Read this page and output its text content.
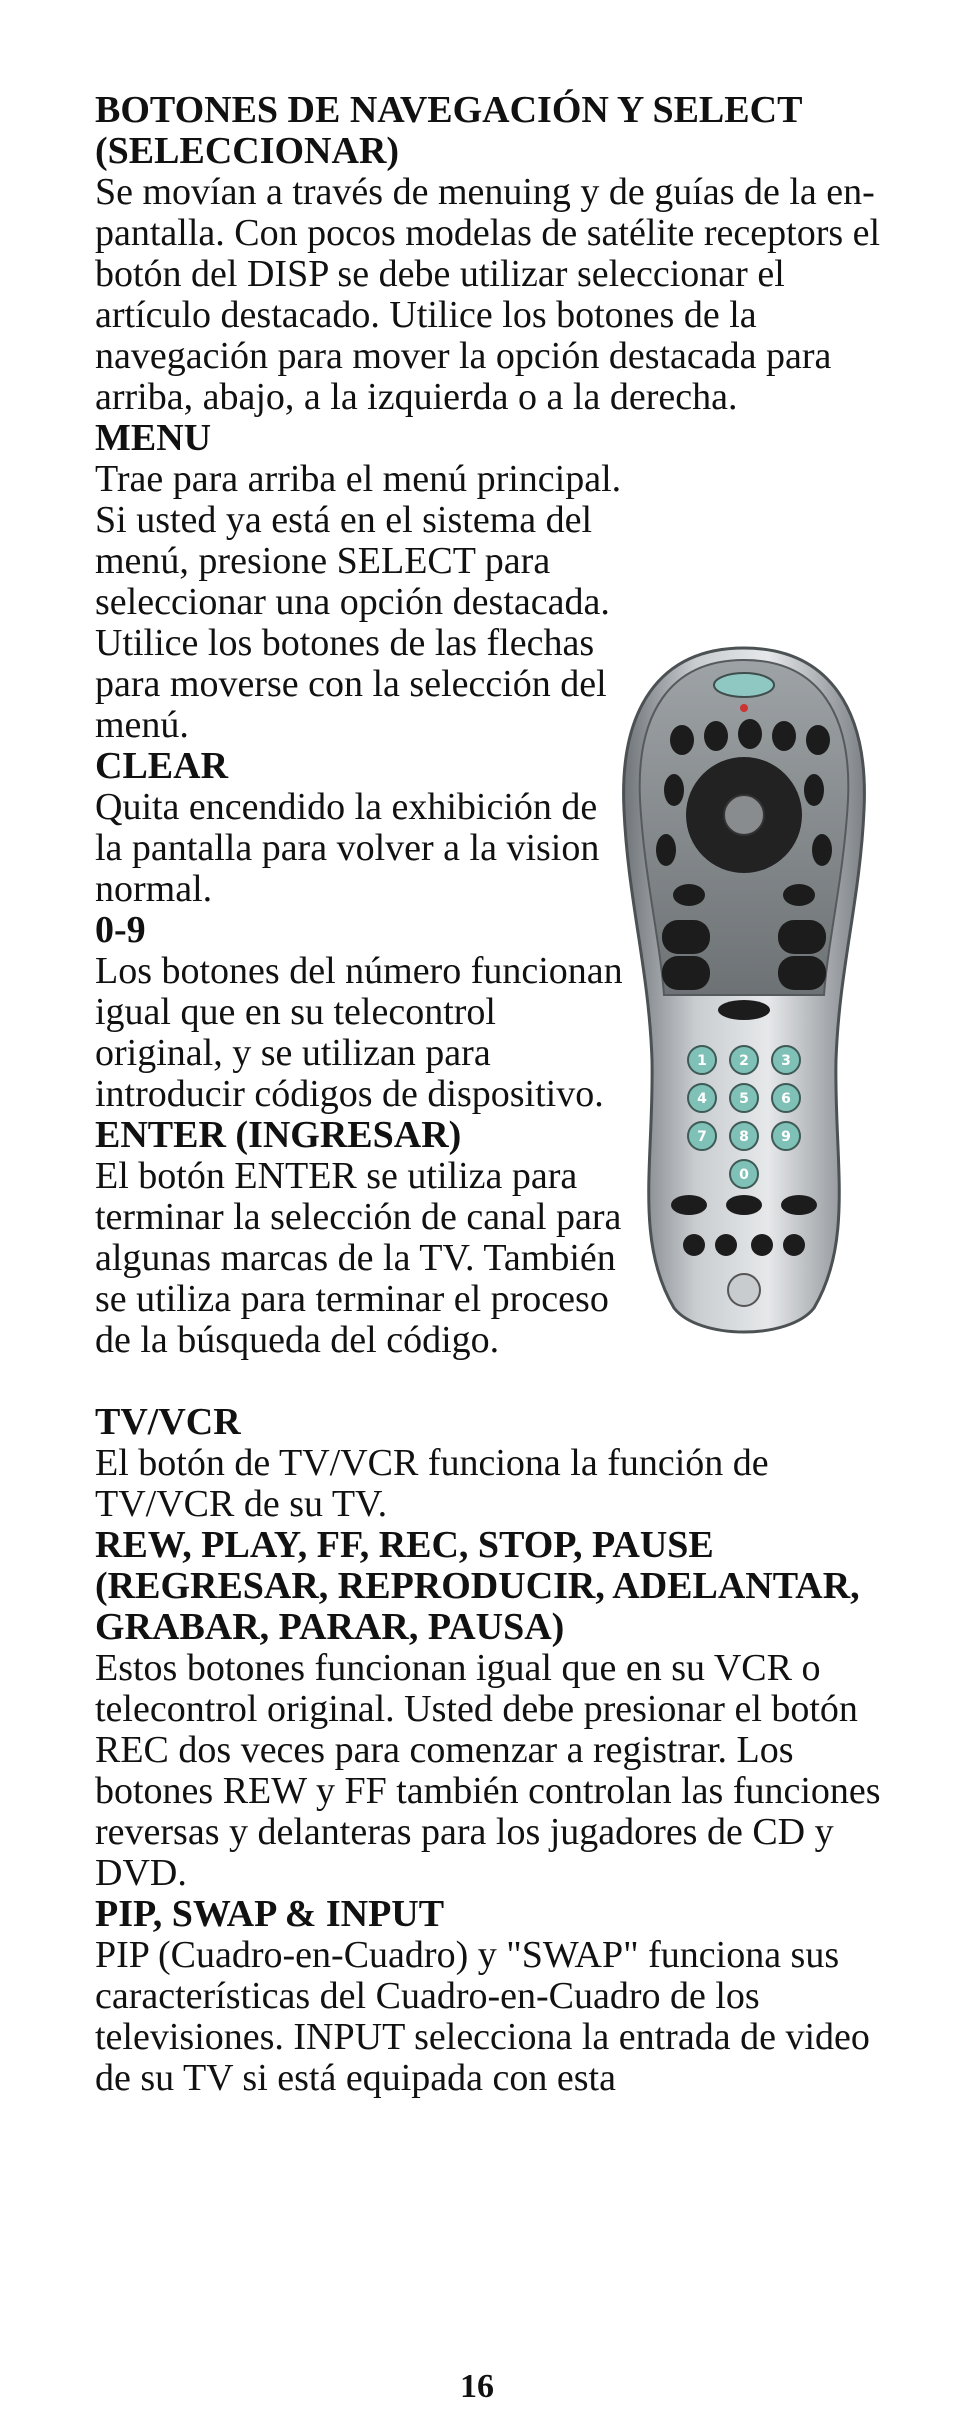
BOTONES DE NAVEGACIÓN Y SELECT (SELECCIONAR)

Se movían a través de menuing y de guías de la en-pantalla. Con pocos modelas de satélite receptors el botón del DISP se debe utilizar seleccionar el artículo destacado. Utilice los botones de la navegación para mover la opción destacada para arriba, abajo, a la izquierda o a la derecha.

MENU

Trae para arriba el menú principal. Si usted ya está en el sistema del menú, presione SELECT para seleccionar una opción destacada. Utilice los botones de las flechas para moverse con la selección del menú.

CLEAR

Quita encendido la exhibición de la pantalla para volver a la vision normal.

0-9

Los botones del número funcionan igual que en su telecontrol original, y se utilizan para introducir códigos de dispositivo.

ENTER (INGRESAR)

El botón ENTER se utiliza para terminar la selección de canal para algunas marcas de la TV. También se utiliza para terminar el proceso de la búsqueda del código.

TV/VCR

El botón de TV/VCR funciona la función de TV/VCR de su TV.

REW, PLAY, FF, REC, STOP, PAUSE (REGRESAR, REPRODUCIR, ADELANTAR, GRABAR, PARAR, PAUSA)

Estos botones funcionan igual que en su VCR o telecontrol original. Usted debe presionar el botón REC dos veces para comenzar a registrar. Los botones REW y FF también controlan las funciones reversas y delanteras para los jugadores de CD y DVD.

PIP, SWAP & INPUT

PIP (Cuadro-en-Cuadro) y "SWAP" funciona sus características del Cuadro-en-Cuadro de los televisiones. INPUT selecciona la entrada de video de su TV si está equipada con esta

1 2 3
4 5 6
7 8 9
0
16
